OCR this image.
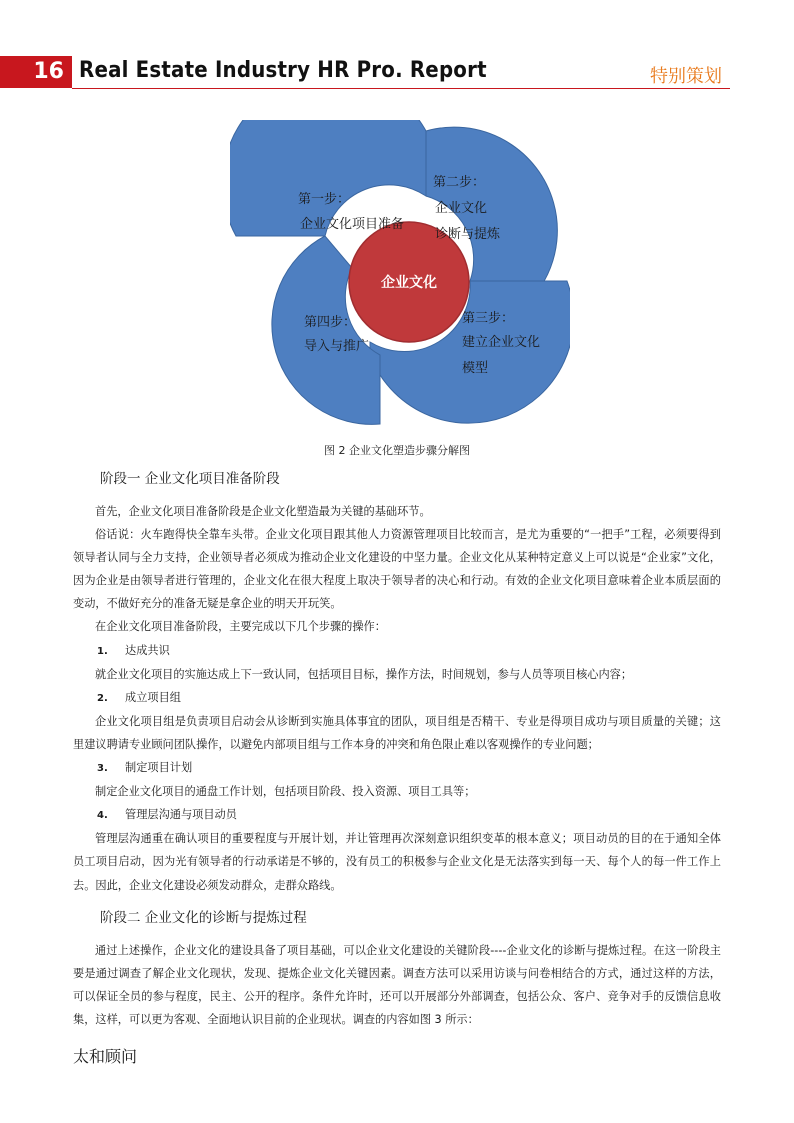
16 Real Estate Industry HR Pro. Report	特别策划
企业文化
第一步：
企业文化项目准备
第二步：
企业文化
诊断与提炼
第三步：
建立企业文化
模型
第四步：
导入与推广
图 2 企业文化塑造步骤分解图

阶段一 企业文化项目准备阶段

首先，企业文化项目准备阶段是企业文化塑造最为关键的基础环节。

俗话说：火车跑得快全靠车头带。企业文化项目跟其他人力资源管理项目比较而言，是尤为重要的“一把手”工程，必须要得到领导者认同与全力支持，企业领导者必须成为推动企业文化建设的中坚力量。企业文化从某种特定意义上可以说是“企业家”文化，因为企业是由领导者进行管理的，企业文化在很大程度上取决于领导者的决心和行动。有效的企业文化项目意味着企业本质层面的变动，不做好充分的准备无疑是拿企业的明天开玩笑。

在企业文化项目准备阶段，主要完成以下几个步骤的操作：

1. 达成共识

就企业文化项目的实施达成上下一致认同，包括项目目标，操作方法，时间规划，参与人员等项目核心内容；

2. 成立项目组

企业文化项目组是负责项目启动会从诊断到实施具体事宜的团队，项目组是否精干、专业是得项目成功与项目质量的关键；这里建议聘请专业顾问团队操作，以避免内部项目组与工作本身的冲突和角色限止难以客观操作的专业问题；

3. 制定项目计划

制定企业文化项目的通盘工作计划，包括项目阶段、投入资源、项目工具等；

4. 管理层沟通与项目动员

管理层沟通重在确认项目的重要程度与开展计划，并让管理再次深刻意识组织变革的根本意义；项目动员的目的在于通知全体员工项目启动，因为光有领导者的行动承诺是不够的，没有员工的积极参与企业文化是无法落实到每一天、每个人的每一件工作上去。因此，企业文化建设必须发动群众，走群众路线。

阶段二 企业文化的诊断与提炼过程

通过上述操作，企业文化的建设具备了项目基础，可以企业文化建设的关键阶段----企业文化的诊断与提炼过程。在这一阶段主要是通过调查了解企业文化现状，发现、提炼企业文化关键因素。调查方法可以采用访谈与问卷相结合的方式，通过这样的方法，可以保证全员的参与程度，民主、公开的程序。条件允许时，还可以开展部分外部调查，包括公众、客户、竞争对手的反馈信息收集，这样，可以更为客观、全面地认识目前的企业现状。调查的内容如图 3 所示：

太和顾问
